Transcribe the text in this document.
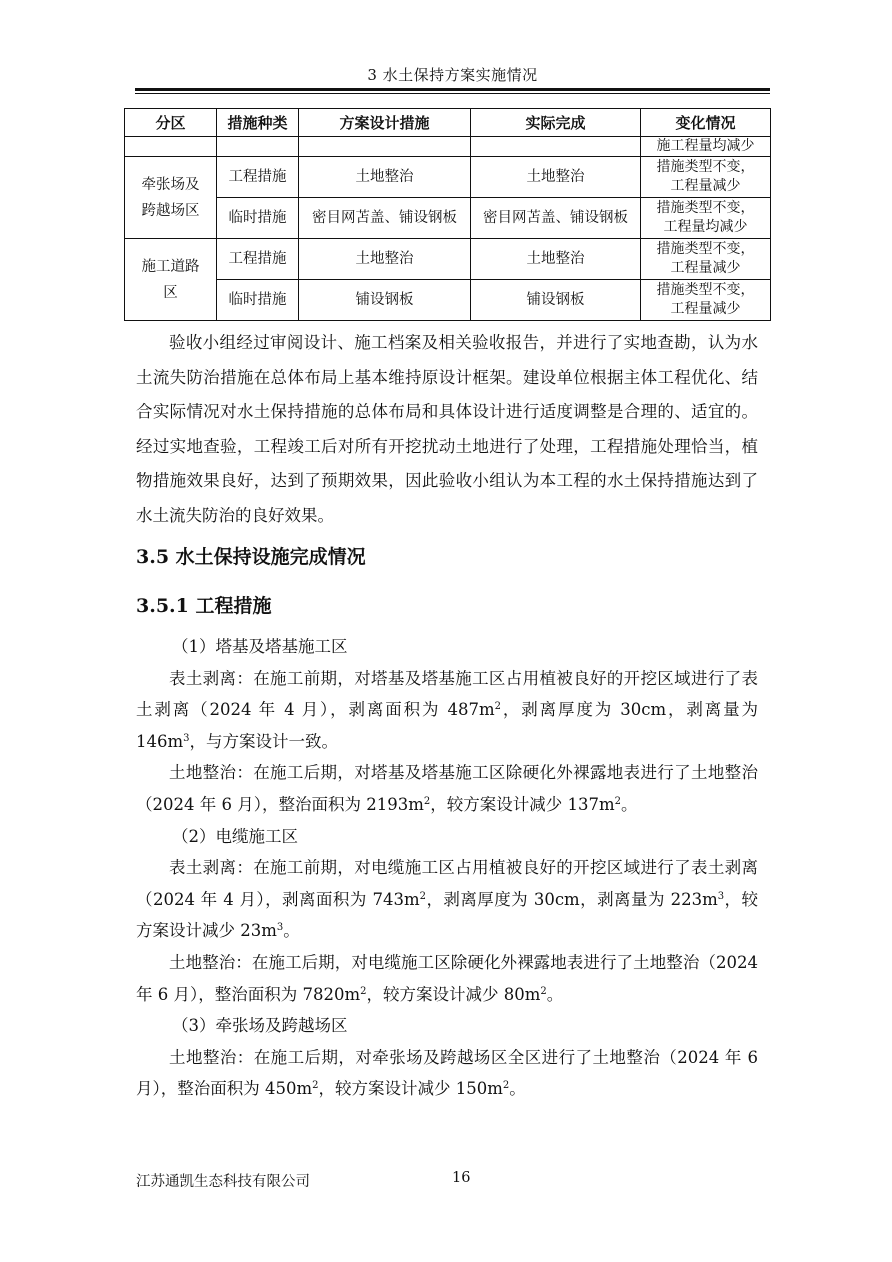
3 水土保持方案实施情况
分区	措施种类	方案设计措施	实际完成	变化情况
				施工程量均减少
牵张场及跨越场区	工程措施	土地整治	土地整治	措施类型不变，
工程量减少
	临时措施	密目网苫盖、铺设钢板	密目网苫盖、铺设钢板	措施类型不变，
工程量均减少
施工道路区	工程措施	土地整治	土地整治	措施类型不变，
工程量减少
	临时措施	铺设钢板	铺设钢板	措施类型不变，
工程量减少

验收小组经过审阅设计、施工档案及相关验收报告，并进行了实地查勘，认为水土流失防治措施在总体布局上基本维持原设计框架。建设单位根据主体工程优化、结合实际情况对水土保持措施的总体布局和具体设计进行适度调整是合理的、适宜的。经过实地查验，工程竣工后对所有开挖扰动土地进行了处理，工程措施处理恰当，植物措施效果良好，达到了预期效果，因此验收小组认为本工程的水土保持措施达到了水土流失防治的良好效果。

3.5 水土保持设施完成情况
3.5.1 工程措施

（1）塔基及塔基施工区

表土剥离：在施工前期，对塔基及塔基施工区占用植被良好的开挖区域进行了表土剥离（2024 年 4 月），剥离面积为 $487m^2$，剥离厚度为 30cm，剥离量为 $146m^3$，与方案设计一致。

土地整治：在施工后期，对塔基及塔基施工区除硬化外裸露地表进行了土地整治（2024 年 6 月），整治面积为 $2193m^2$，较方案设计减少 $137m^2$。

（2）电缆施工区

表土剥离：在施工前期，对电缆施工区占用植被良好的开挖区域进行了表土剥离（2024 年 4 月），剥离面积为 $743m^2$，剥离厚度为 30cm，剥离量为 $223m^3$，较方案设计减少 $23m^3$。

土地整治：在施工后期，对电缆施工区除硬化外裸露地表进行了土地整治（2024 年 6 月），整治面积为 $7820m^2$，较方案设计减少 $80m^2$。

（3）牵张场及跨越场区

土地整治：在施工后期，对牵张场及跨越场区全区进行了土地整治（2024 年 6 月），整治面积为 $450m^2$，较方案设计减少 $150m^2$。

江苏通凯生态科技有限公司	16
